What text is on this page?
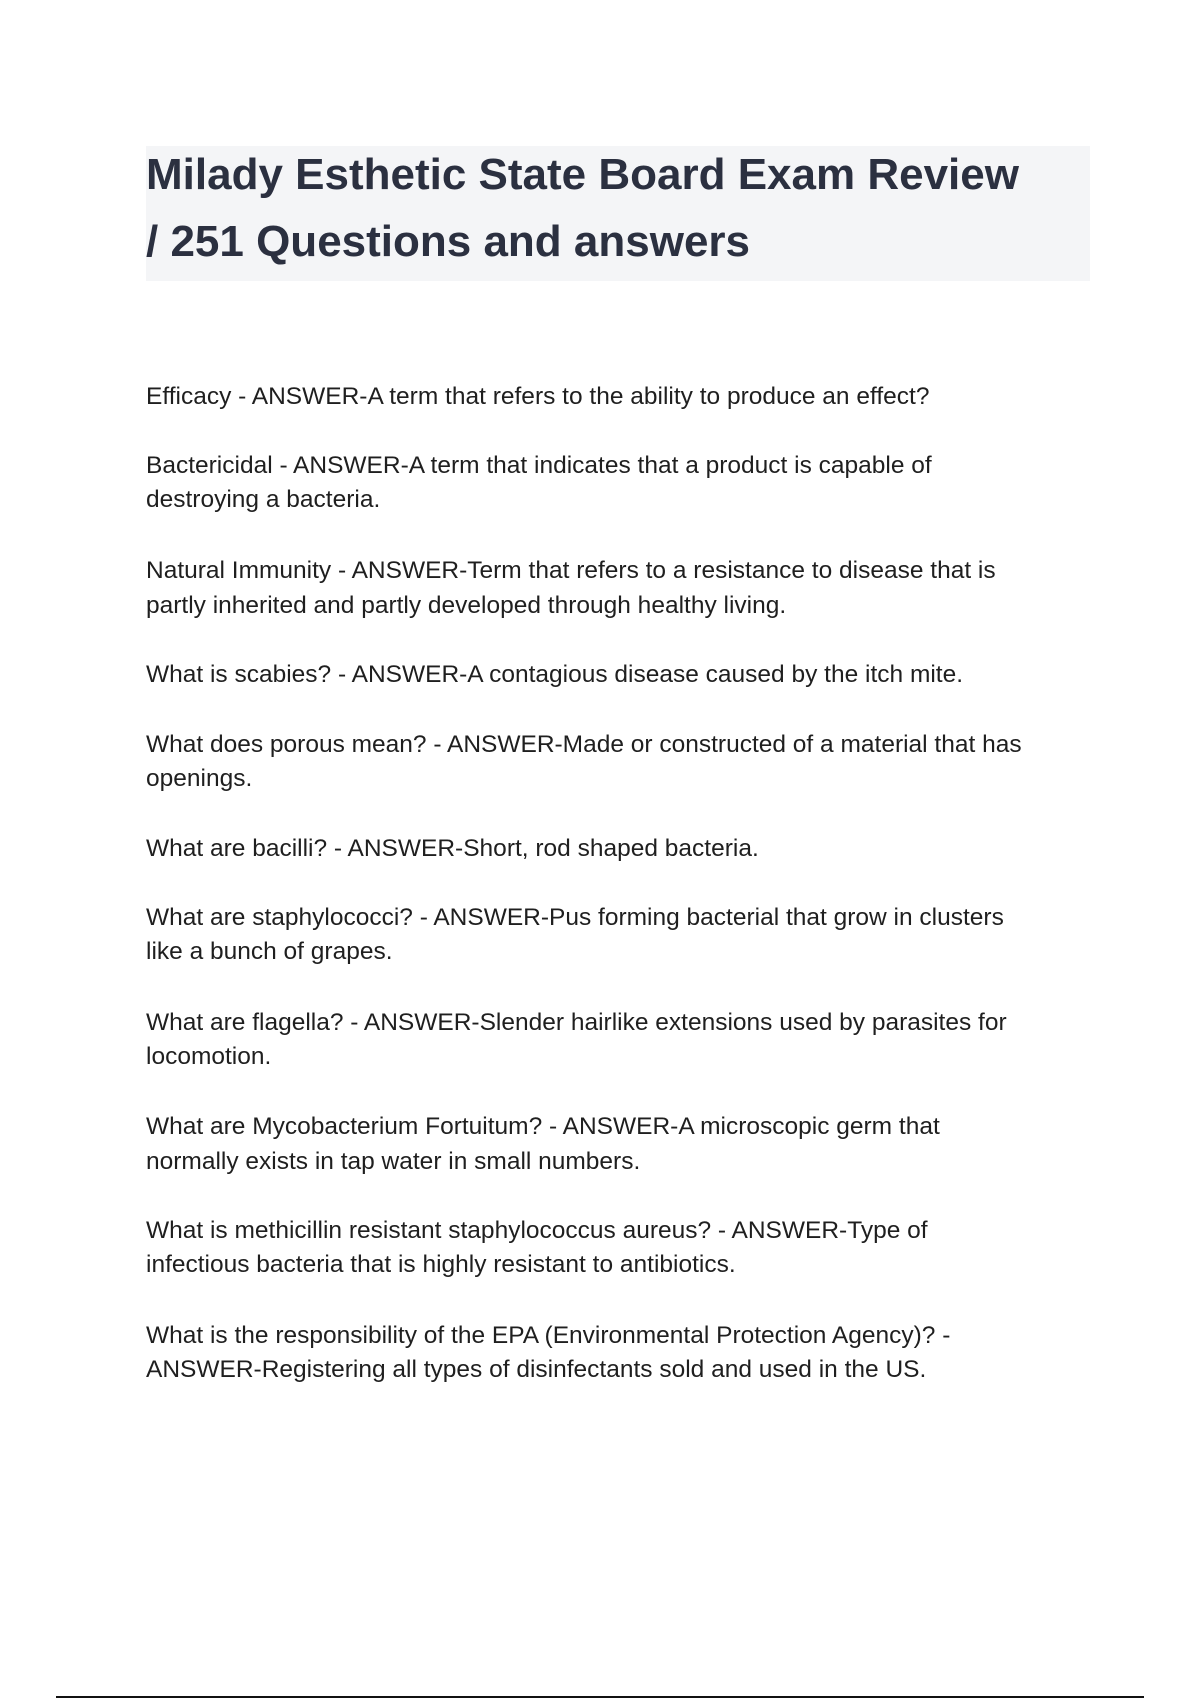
Milady Esthetic State Board Exam Review
/ 251 Questions and answers
Efficacy - ANSWER-A term that refers to the ability to produce an effect?
Bactericidal - ANSWER-A term that indicates that a product is capable of
destroying a bacteria.
Natural Immunity - ANSWER-Term that refers to a resistance to disease that is
partly inherited and partly developed through healthy living.
What is scabies? - ANSWER-A contagious disease caused by the itch mite.
What does porous mean? - ANSWER-Made or constructed of a material that has
openings.
What are bacilli? - ANSWER-Short, rod shaped bacteria.
What are staphylococci? - ANSWER-Pus forming bacterial that grow in clusters
like a bunch of grapes.
What are flagella? - ANSWER-Slender hairlike extensions used by parasites for
locomotion.
What are Mycobacterium Fortuitum? - ANSWER-A microscopic germ that
normally exists in tap water in small numbers.
What is methicillin resistant staphylococcus aureus? - ANSWER-Type of
infectious bacteria that is highly resistant to antibiotics.
What is the responsibility of the EPA (Environmental Protection Agency)? -
ANSWER-Registering all types of disinfectants sold and used in the US.
